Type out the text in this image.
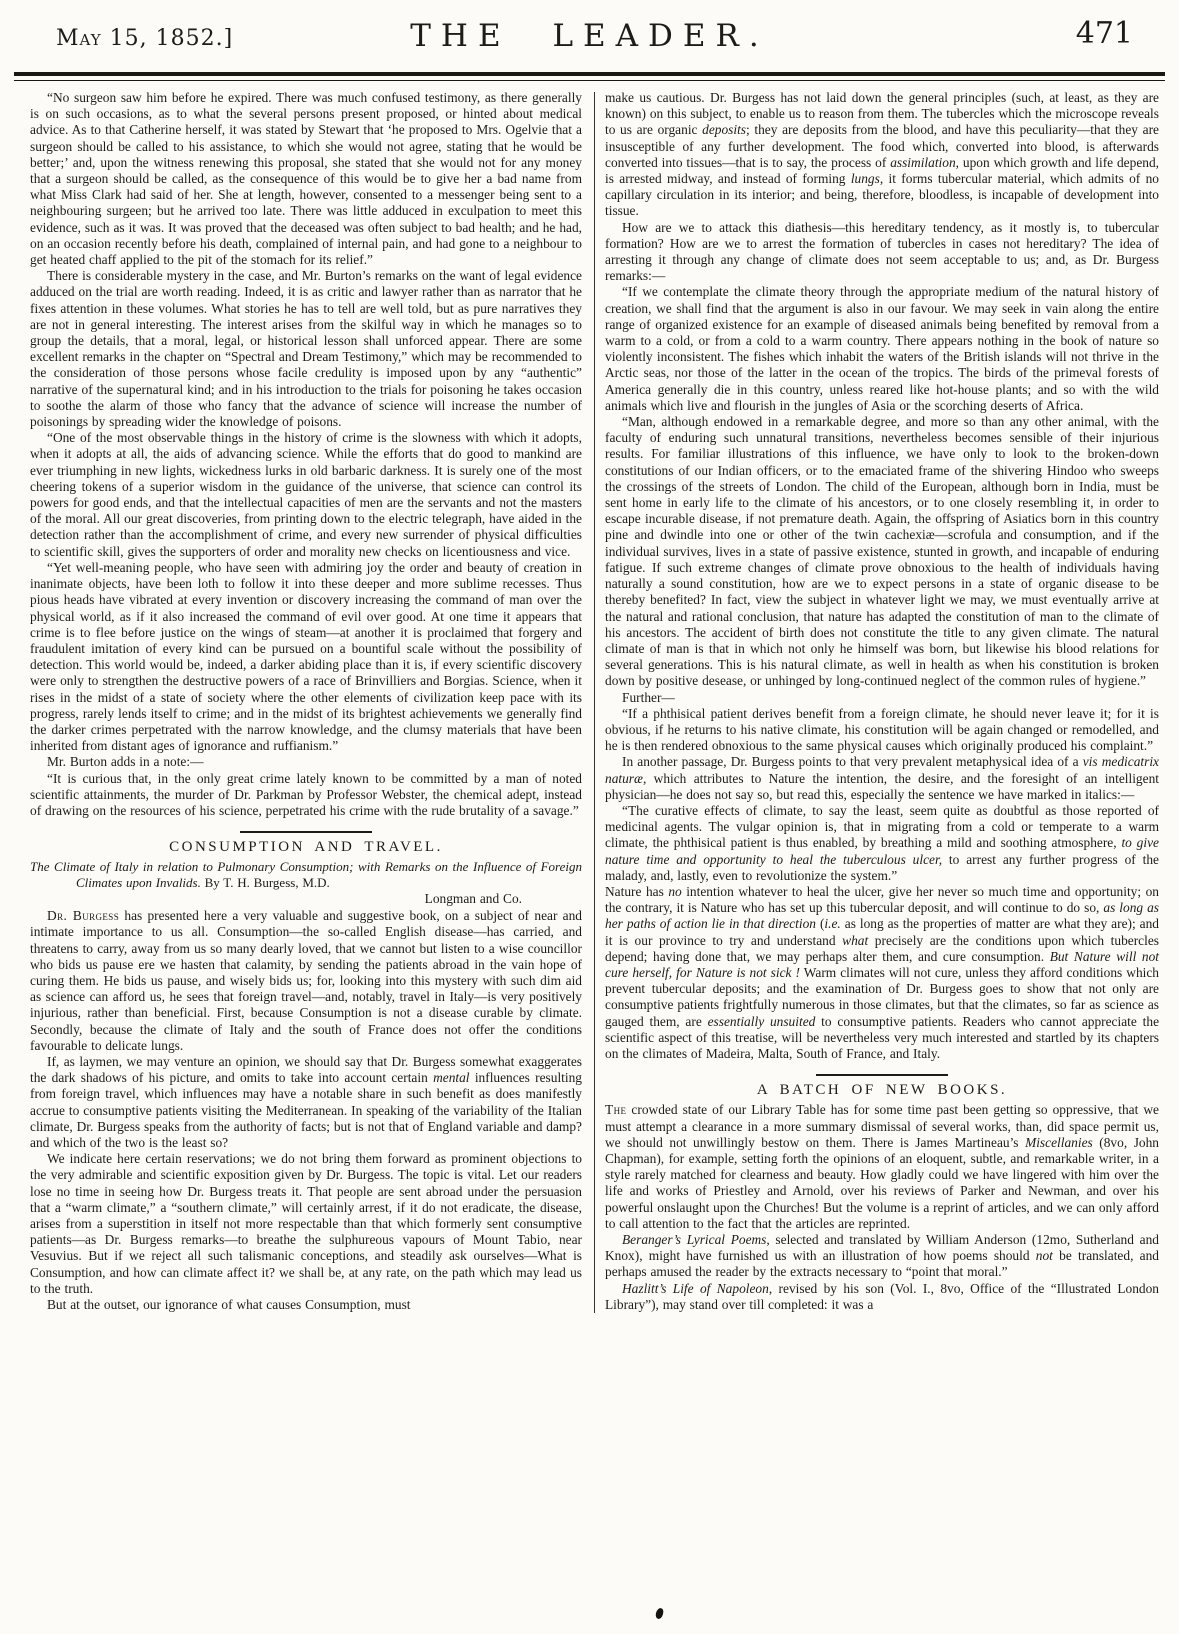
May 15, 1852.]	THE LEADER.	471

“No surgeon saw him before he expired. There was much confused testimony, as there generally is on such occasions, as to what the several persons present proposed, or hinted about medical advice. As to that Catherine herself, it was stated by Stewart that ‘he proposed to Mrs. Ogelvie that a surgeon should be called to his assistance, to which she would not agree, stating that he would be better;’ and, upon the witness renewing this proposal, she stated that she would not for any money that a surgeon should be called, as the consequence of this would be to give her a bad name from what Miss Clark had said of her. She at length, however, consented to a messenger being sent to a neighbouring surgeen; but he arrived too late. There was little adduced in exculpation to meet this evidence, such as it was. It was proved that the deceased was often subject to bad health; and he had, on an occasion recently before his death, complained of internal pain, and had gone to a neighbour to get heated chaff applied to the pit of the stomach for its relief.”

There is considerable mystery in the case, and Mr. Burton’s remarks on the want of legal evidence adduced on the trial are worth reading. Indeed, it is as critic and lawyer rather than as narrator that he fixes attention in these volumes. What stories he has to tell are well told, but as pure narratives they are not in general interesting. The interest arises from the skilful way in which he manages so to group the details, that a moral, legal, or historical lesson shall unforced appear. There are some excellent remarks in the chapter on “Spectral and Dream Testimony,” which may be recommended to the consideration of those persons whose facile credulity is imposed upon by any “authentic” narrative of the supernatural kind; and in his introduction to the trials for poisoning he takes occasion to soothe the alarm of those who fancy that the advance of science will increase the number of poisonings by spreading wider the knowledge of poisons.

“One of the most observable things in the history of crime is the slowness with which it adopts, when it adopts at all, the aids of advancing science. While the efforts that do good to mankind are ever triumphing in new lights, wickedness lurks in old barbaric darkness. It is surely one of the most cheering tokens of a superior wisdom in the guidance of the universe, that science can control its powers for good ends, and that the intellectual capacities of men are the servants and not the masters of the moral. All our great discoveries, from printing down to the electric telegraph, have aided in the detection rather than the accomplishment of crime, and every new surrender of physical difficulties to scientific skill, gives the supporters of order and morality new checks on licentiousness and vice.

“Yet well-meaning people, who have seen with admiring joy the order and beauty of creation in inanimate objects, have been loth to follow it into these deeper and more sublime recesses. Thus pious heads have vibrated at every invention or discovery increasing the command of man over the physical world, as if it also increased the command of evil over good. At one time it appears that crime is to flee before justice on the wings of steam—at another it is proclaimed that forgery and fraudulent imitation of every kind can be pursued on a bountiful scale without the possibility of detection. This world would be, indeed, a darker abiding place than it is, if every scientific discovery were only to strengthen the destructive powers of a race of Brinvilliers and Borgias. Science, when it rises in the midst of a state of society where the other elements of civilization keep pace with its progress, rarely lends itself to crime; and in the midst of its brightest achievements we generally find the darker crimes perpetrated with the narrow knowledge, and the clumsy materials that have been inherited from distant ages of ignorance and ruffianism.”

Mr. Burton adds in a note:—

“It is curious that, in the only great crime lately known to be committed by a man of noted scientific attainments, the murder of Dr. Parkman by Professor Webster, the chemical adept, instead of drawing on the resources of his science, perpetrated his crime with the rude brutality of a savage.”

CONSUMPTION AND TRAVEL.

The Climate of Italy in relation to Pulmonary Consumption; with Remarks on the Influence of Foreign Climates upon Invalids. By T. H. Burgess, M.D.

Longman and Co.

Dr. Burgess has presented here a very valuable and suggestive book, on a subject of near and intimate importance to us all. Consumption—the so-called English disease—has carried, and threatens to carry, away from us so many dearly loved, that we cannot but listen to a wise councillor who bids us pause ere we hasten that calamity, by sending the patients abroad in the vain hope of curing them. He bids us pause, and wisely bids us; for, looking into this mystery with such dim aid as science can afford us, he sees that foreign travel—and, notably, travel in Italy—is very positively injurious, rather than beneficial. First, because Consumption is not a disease curable by climate. Secondly, because the climate of Italy and the south of France does not offer the conditions favourable to delicate lungs.

If, as laymen, we may venture an opinion, we should say that Dr. Burgess somewhat exaggerates the dark shadows of his picture, and omits to take into account certain mental influences resulting from foreign travel, which influences may have a notable share in such benefit as does manifestly accrue to consumptive patients visiting the Mediterranean. In speaking of the variability of the Italian climate, Dr. Burgess speaks from the authority of facts; but is not that of England variable and damp? and which of the two is the least so?

We indicate here certain reservations; we do not bring them forward as prominent objections to the very admirable and scientific exposition given by Dr. Burgess. The topic is vital. Let our readers lose no time in seeing how Dr. Burgess treats it. That people are sent abroad under the persuasion that a “warm climate,” a “southern climate,” will certainly arrest, if it do not eradicate, the disease, arises from a superstition in itself not more respectable than that which formerly sent consumptive patients—as Dr. Burgess remarks—to breathe the sulphureous vapours of Mount Tabio, near Vesuvius. But if we reject all such talismanic conceptions, and steadily ask ourselves—What is Consumption, and how can climate affect it? we shall be, at any rate, on the path which may lead us to the truth.

But at the outset, our ignorance of what causes Consumption, must

make us cautious. Dr. Burgess has not laid down the general principles (such, at least, as they are known) on this subject, to enable us to reason from them. The tubercles which the microscope reveals to us are organic deposits; they are deposits from the blood, and have this peculiarity—that they are insusceptible of any further development. The food which, converted into blood, is afterwards converted into tissues—that is to say, the process of assimilation, upon which growth and life depend, is arrested midway, and instead of forming lungs, it forms tubercular material, which admits of no capillary circulation in its interior; and being, therefore, bloodless, is incapable of development into tissue.

How are we to attack this diathesis—this hereditary tendency, as it mostly is, to tubercular formation? How are we to arrest the formation of tubercles in cases not hereditary? The idea of arresting it through any change of climate does not seem acceptable to us; and, as Dr. Burgess remarks:—

“If we contemplate the climate theory through the appropriate medium of the natural history of creation, we shall find that the argument is also in our favour. We may seek in vain along the entire range of organized existence for an example of diseased animals being benefited by removal from a warm to a cold, or from a cold to a warm country. There appears nothing in the book of nature so violently inconsistent. The fishes which inhabit the waters of the British islands will not thrive in the Arctic seas, nor those of the latter in the ocean of the tropics. The birds of the primeval forests of America generally die in this country, unless reared like hot-house plants; and so with the wild animals which live and flourish in the jungles of Asia or the scorching deserts of Africa.

“Man, although endowed in a remarkable degree, and more so than any other animal, with the faculty of enduring such unnatural transitions, nevertheless becomes sensible of their injurious results. For familiar illustrations of this influence, we have only to look to the broken-down constitutions of our Indian officers, or to the emaciated frame of the shivering Hindoo who sweeps the crossings of the streets of London. The child of the European, although born in India, must be sent home in early life to the climate of his ancestors, or to one closely resembling it, in order to escape incurable disease, if not premature death. Again, the offspring of Asiatics born in this country pine and dwindle into one or other of the twin cachexiæ—scrofula and consumption, and if the individual survives, lives in a state of passive existence, stunted in growth, and incapable of enduring fatigue. If such extreme changes of climate prove obnoxious to the health of individuals having naturally a sound constitution, how are we to expect persons in a state of organic disease to be thereby benefited? In fact, view the subject in whatever light we may, we must eventually arrive at the natural and rational conclusion, that nature has adapted the constitution of man to the climate of his ancestors. The accident of birth does not constitute the title to any given climate. The natural climate of man is that in which not only he himself was born, but likewise his blood relations for several generations. This is his natural climate, as well in health as when his constitution is broken down by positive desease, or unhinged by long-continued neglect of the common rules of hygiene.”

Further—

“If a phthisical patient derives benefit from a foreign climate, he should never leave it; for it is obvious, if he returns to his native climate, his constitution will be again changed or remodelled, and he is then rendered obnoxious to the same physical causes which originally produced his complaint.”

In another passage, Dr. Burgess points to that very prevalent metaphysical idea of a vis medicatrix naturæ, which attributes to Nature the intention, the desire, and the foresight of an intelligent physician—he does not say so, but read this, especially the sentence we have marked in italics:—

“The curative effects of climate, to say the least, seem quite as doubtful as those reported of medicinal agents. The vulgar opinion is, that in migrating from a cold or temperate to a warm climate, the phthisical patient is thus enabled, by breathing a mild and soothing atmosphere, to give nature time and opportunity to heal the tuberculous ulcer, to arrest any further progress of the malady, and, lastly, even to revolutionize the system.”

Nature has no intention whatever to heal the ulcer, give her never so much time and opportunity; on the contrary, it is Nature who has set up this tubercular deposit, and will continue to do so, as long as her paths of action lie in that direction (i.e. as long as the properties of matter are what they are); and it is our province to try and understand what precisely are the conditions upon which tubercles depend; having done that, we may perhaps alter them, and cure consumption. But Nature will not cure herself, for Nature is not sick ! Warm climates will not cure, unless they afford conditions which prevent tubercular deposits; and the examination of Dr. Burgess goes to show that not only are consumptive patients frightfully numerous in those climates, but that the climates, so far as science as gauged them, are essentially unsuited to consumptive patients. Readers who cannot appreciate the scientific aspect of this treatise, will be nevertheless very much interested and startled by its chapters on the climates of Madeira, Malta, South of France, and Italy.

A BATCH OF NEW BOOKS.

The crowded state of our Library Table has for some time past been getting so oppressive, that we must attempt a clearance in a more summary dismissal of several works, than, did space permit us, we should not unwillingly bestow on them. There is James Martineau’s Miscellanies (8vo, John Chapman), for example, setting forth the opinions of an eloquent, subtle, and remarkable writer, in a style rarely matched for clearness and beauty. How gladly could we have lingered with him over the life and works of Priestley and Arnold, over his reviews of Parker and Newman, and over his powerful onslaught upon the Churches! But the volume is a reprint of articles, and we can only afford to call attention to the fact that the articles are reprinted.

Beranger’s Lyrical Poems, selected and translated by William Anderson (12mo, Sutherland and Knox), might have furnished us with an illustration of how poems should not be translated, and perhaps amused the reader by the extracts necessary to “point that moral.”

Hazlitt’s Life of Napoleon, revised by his son (Vol. I., 8vo, Office of the “Illustrated London Library”), may stand over till completed: it was a
